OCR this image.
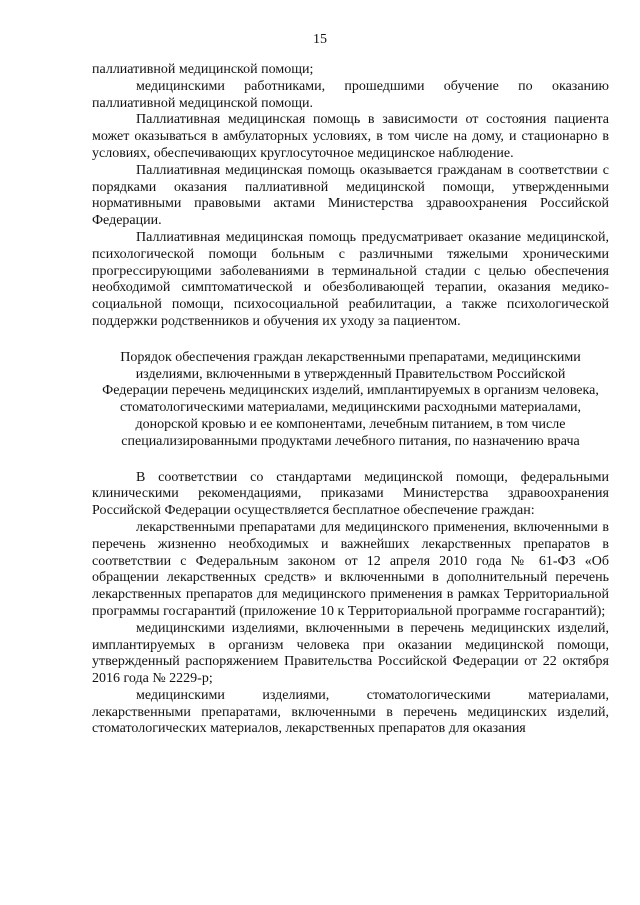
15

паллиативной медицинской помощи;

медицинскими работниками, прошедшими обучение по оказанию паллиативной медицинской помощи.

Паллиативная медицинская помощь в зависимости от состояния пациента может оказываться в амбулаторных условиях, в том числе на дому, и стационарно в условиях, обеспечивающих круглосуточное медицинское наблюдение.

Паллиативная медицинская помощь оказывается гражданам в соответствии с порядками оказания паллиативной медицинской помощи, утвержденными нормативными правовыми актами Министерства здравоохранения Российской Федерации.

Паллиативная медицинская помощь предусматривает оказание медицинской, психологической помощи больным с различными тяжелыми хроническими прогрессирующими заболеваниями в терминальной стадии с целью обеспечения необходимой симптоматической и обезболивающей терапии, оказания медико-социальной помощи, психосоциальной реабилитации, а также психологической поддержки родственников и обучения их уходу за пациентом.

Порядок обеспечения граждан лекарственными препаратами, медицинскими изделиями, включенными в утвержденный Правительством Российской Федерации перечень медицинских изделий, имплантируемых в организм человека, стоматологическими материалами, медицинскими расходными материалами, донорской кровью и ее компонентами, лечебным питанием, в том числе специализированными продуктами лечебного питания, по назначению врача

В соответствии со стандартами медицинской помощи, федеральными клиническими рекомендациями, приказами Министерства здравоохранения Российской Федерации осуществляется бесплатное обеспечение граждан:

лекарственными препаратами для медицинского применения, включенными в перечень жизненно необходимых и важнейших лекарственных препаратов в соответствии с Федеральным законом от 12 апреля 2010 года № 61-ФЗ «Об обращении лекарственных средств» и включенными в дополнительный перечень лекарственных препаратов для медицинского применения в рамках Территориальной программы госгарантий (приложение 10 к Территориальной программе госгарантий);

медицинскими изделиями, включенными в перечень медицинских изделий, имплантируемых в организм человека при оказании медицинской помощи, утвержденный распоряжением Правительства Российской Федерации от 22 октября 2016 года № 2229-р;

медицинскими изделиями, стоматологическими материалами, лекарственными препаратами, включенными в перечень медицинских изделий, стоматологических материалов, лекарственных препаратов для оказания
